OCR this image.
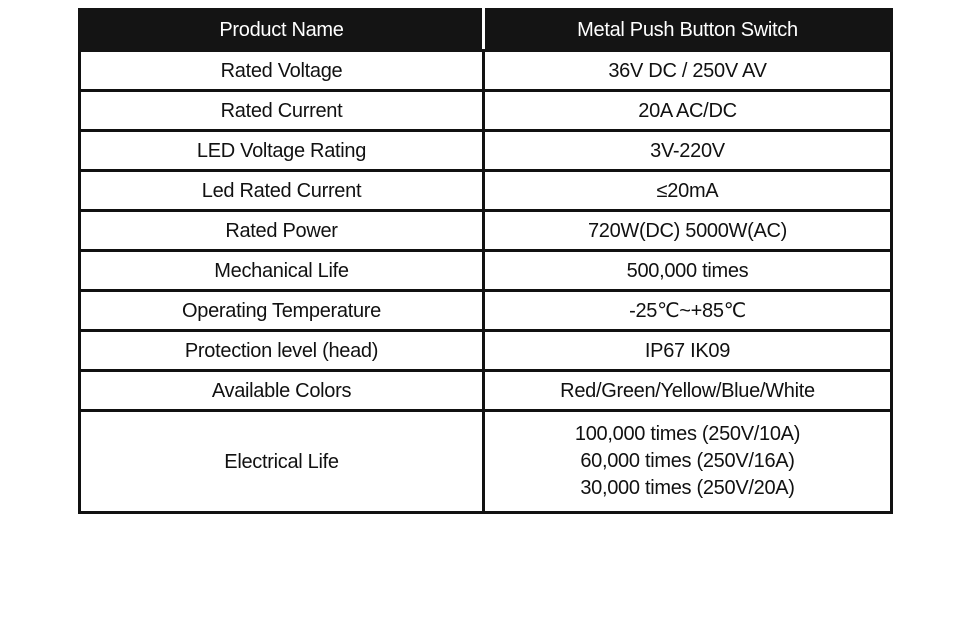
Product Name	Metal Push Button Switch
Rated Voltage	36V DC / 250V AV
Rated Current	20A AC/DC
LED Voltage Rating	3V-220V
Led Rated Current	≤20mA
Rated Power	720W(DC) 5000W(AC)
Mechanical Life	500,000 times
Operating Temperature	-25℃~+85℃
Protection level (head)	IP67 IK09
Available Colors	Red/Green/Yellow/Blue/White
Electrical Life	100,000 times (250V/10A)
60,000 times (250V/16A)
30,000 times (250V/20A)
